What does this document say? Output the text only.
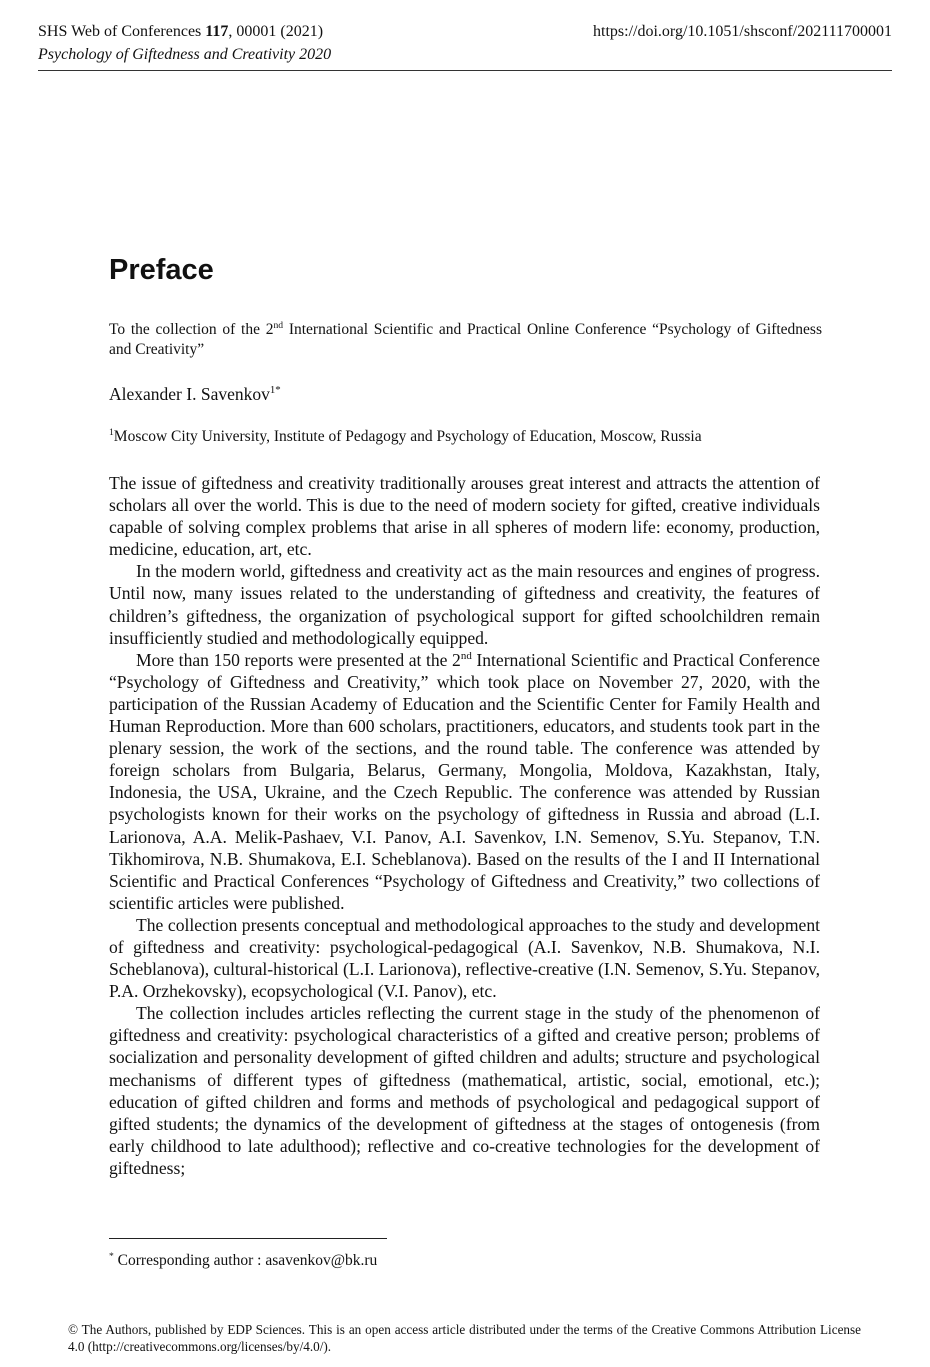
SHS Web of Conferences 117, 00001 (2021)
Psychology of Giftedness and Creativity 2020
https://doi.org/10.1051/shsconf/202111700001
Preface
To the collection of the 2nd International Scientific and Practical Online Conference “Psychology of Giftedness and Creativity”
Alexander I. Savenkov$^{1*}$
$^1$Moscow City University, Institute of Pedagogy and Psychology of Education, Moscow, Russia

The issue of giftedness and creativity traditionally arouses great interest and attracts the attention of scholars all over the world. This is due to the need of modern society for gifted, creative individuals capable of solving complex problems that arise in all spheres of modern life: economy, production, medicine, education, art, etc.

In the modern world, giftedness and creativity act as the main resources and engines of progress. Until now, many issues related to the understanding of giftedness and creativity, the features of children’s giftedness, the organization of psychological support for gifted schoolchildren remain insufficiently studied and methodologically equipped.

More than 150 reports were presented at the 2nd International Scientific and Practical Conference “Psychology of Giftedness and Creativity,” which took place on November 27, 2020, with the participation of the Russian Academy of Education and the Scientific Center for Family Health and Human Reproduction. More than 600 scholars, practitioners, educators, and students took part in the plenary session, the work of the sections, and the round table. The conference was attended by foreign scholars from Bulgaria, Belarus, Germany, Mongolia, Moldova, Kazakhstan, Italy, Indonesia, the USA, Ukraine, and the Czech Republic. The conference was attended by Russian psychologists known for their works on the psychology of giftedness in Russia and abroad (L.I. Larionova, A.A. Melik-Pashaev, V.I. Panov, A.I. Savenkov, I.N. Semenov, S.Yu. Stepanov, T.N. Tikhomirova, N.B. Shumakova, E.I. Scheblanova). Based on the results of the I and II International Scientific and Practical Conferences “Psychology of Giftedness and Creativity,” two collections of scientific articles were published.

The collection presents conceptual and methodological approaches to the study and development of giftedness and creativity: psychological-pedagogical (A.I. Savenkov, N.B. Shumakova, N.I. Scheblanova), cultural-historical (L.I. Larionova), reflective-creative (I.N. Semenov, S.Yu. Stepanov, P.A. Orzhekovsky), ecopsychological (V.I. Panov), etc.

The collection includes articles reflecting the current stage in the study of the phenomenon of giftedness and creativity: psychological characteristics of a gifted and creative person; problems of socialization and personality development of gifted children and adults; structure and psychological mechanisms of different types of giftedness (mathematical, artistic, social, emotional, etc.); education of gifted children and forms and methods of psychological and pedagogical support of gifted students; the dynamics of the development of giftedness at the stages of ontogenesis (from early childhood to late adulthood); reflective and co-creative technologies for the development of giftedness;

* Corresponding author : asavenkov@bk.ru
© The Authors, published by EDP Sciences. This is an open access article distributed under the terms of the Creative Commons Attribution License 4.0 (http://creativecommons.org/licenses/by/4.0/).
